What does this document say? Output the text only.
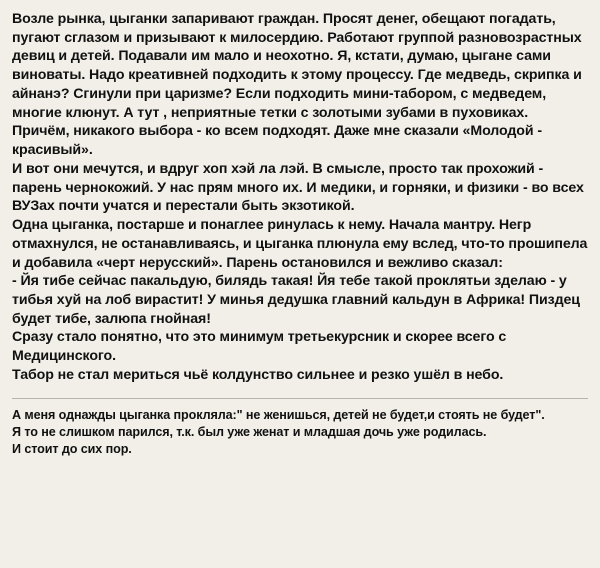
Возле рынка, цыганки запаривают граждан. Просят денег, обещают погадать, пугают сглазом и призывают к милосердию. Работают группой разновозрастных девиц и детей. Подавали им мало и неохотно. Я, кстати, думаю, цыгане сами виноваты. Надо креативней подходить к этому процессу. Где медведь, скрипка и айнанэ? Сгинули при царизме? Если подходить мини-табором, с медведем, многие клюнут. А тут , неприятные тетки с золотыми зубами в пуховиках. Причём, никакого выбора - ко всем подходят. Даже мне сказали «Молодой - красивый».

И вот они мечутся, и вдруг хоп хэй ла лэй. В смысле, просто так прохожий - парень чернокожий. У нас прям много их. И медики, и горняки, и физики - во всех ВУЗах почти учатся и перестали быть экзотикой.

Одна цыганка, постарше и понаглее ринулась к нему. Начала мантру. Негр отмахнулся, не останавливаясь, и цыганка плюнула ему вслед, что-то прошипела и добавила «черт нерусский». Парень остановился и вежливо сказал:

- Йя тибе сейчас пакальдую, билядь такая! Йя тебе такой проклятьи зделаю - у тибья хуй на лоб вирастит! У минья дедушка главний кальдун в Африка! Пиздец будет тибе, залюпа гнойная!

Сразу стало понятно, что это минимум третьекурсник и скорее всего с Медицинского.

Табор не стал мериться чьё колдунство сильнее и резко ушёл в небо.

А меня однажды цыганка прокляла:" не женишься, детей не будет,и стоять не будет".

Я то не слишком парился, т.к. был уже женат и младшая дочь уже родилась.

И стоит до сих пор.
